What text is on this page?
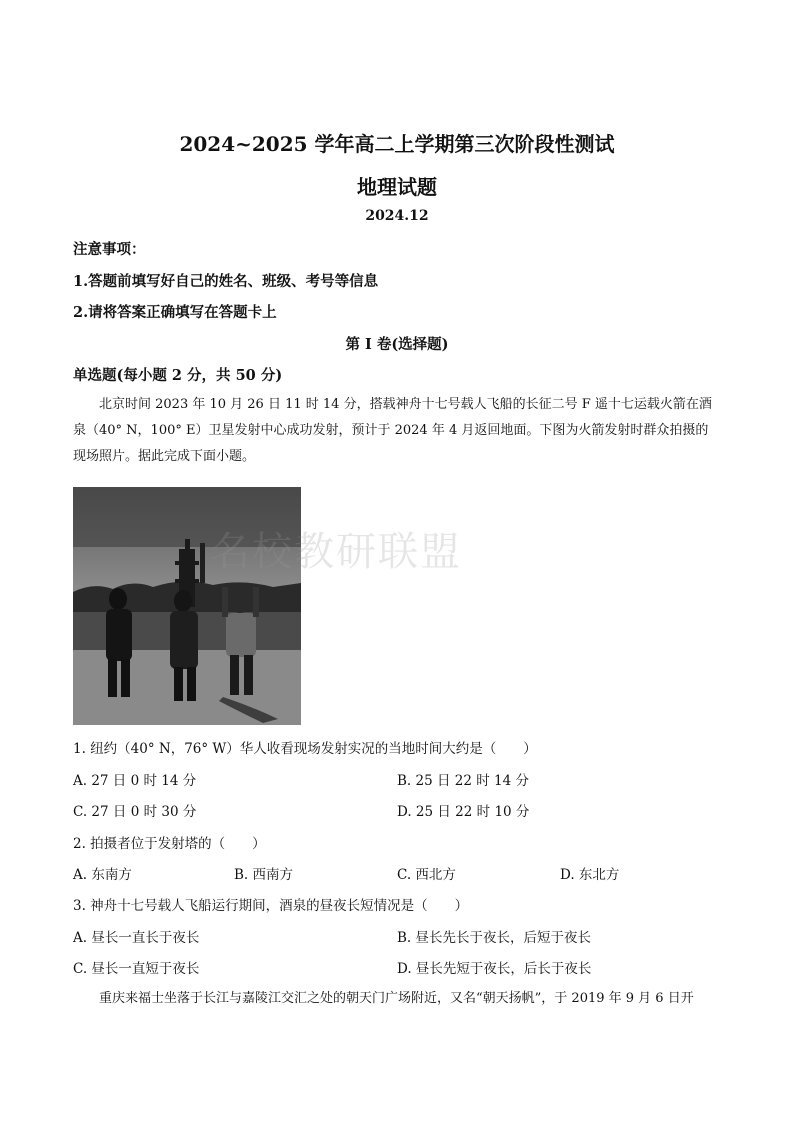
2024~2025 学年高二上学期第三次阶段性测试
地理试题
2024.12
注意事项：
1.答题前填写好自己的姓名、班级、考号等信息
2.请将答案正确填写在答题卡上
第 I 卷(选择题)
单选题(每小题 2 分，共 50 分)
北京时间 2023 年 10 月 26 日 11 时 14 分，搭载神舟十七号载人飞船的长征二号 F 遥十七运载火箭在酒泉（40° N，100° E）卫星发射中心成功发射，预计于 2024 年 4 月返回地面。下图为火箭发射时群众拍摄的现场照片。据此完成下面小题。
名校教研联盟
1. 纽约（40° N，76° W）华人收看现场发射实况的当地时间大约是（　　）
A. 27 日 0 时 14 分	B. 25 日 22 时 14 分
C. 27 日 0 时 30 分	D. 25 日 22 时 10 分
2. 拍摄者位于发射塔的（　　）
A. 东南方	B. 西南方	C. 西北方	D. 东北方
3. 神舟十七号载人飞船运行期间，酒泉的昼夜长短情况是（　　）
A. 昼长一直长于夜长	B. 昼长先长于夜长，后短于夜长
C. 昼长一直短于夜长	D. 昼长先短于夜长，后长于夜长
重庆来福士坐落于长江与嘉陵江交汇之处的朝天门广场附近，又名“朝天扬帆”，于 2019 年 9 月 6 日开
